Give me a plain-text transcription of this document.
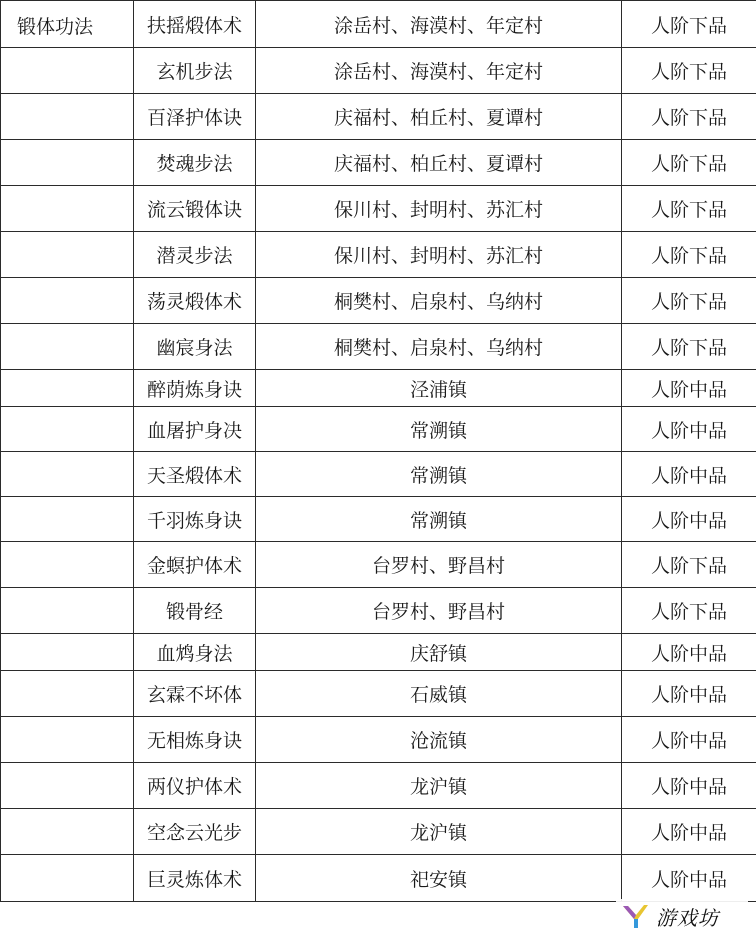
锻体功法	扶摇煅体术	涂岳村、海漠村、年定村	人阶下品
	玄机步法	涂岳村、海漠村、年定村	人阶下品
	百泽护体诀	庆福村、柏丘村、夏谭村	人阶下品
	焚魂步法	庆福村、柏丘村、夏谭村	人阶下品
	流云锻体诀	保川村、封明村、苏汇村	人阶下品
	潜灵步法	保川村、封明村、苏汇村	人阶下品
	荡灵煅体术	桐樊村、启泉村、乌纳村	人阶下品
	幽宸身法	桐樊村、启泉村、乌纳村	人阶下品
	醉荫炼身诀	泾浦镇	人阶中品
	血屠护身决	常溯镇	人阶中品
	天圣煅体术	常溯镇	人阶中品
	千羽炼身诀	常溯镇	人阶中品
	金螟护体术	台罗村、野昌村	人阶下品
	锻骨经	台罗村、野昌村	人阶下品
	血鸩身法	庆舒镇	人阶中品
	玄霖不坏体	石威镇	人阶中品
	无相炼身诀	沧流镇	人阶中品
	两仪护体术	龙沪镇	人阶中品
	空念云光步	龙沪镇	人阶中品
	巨灵炼体术	祀安镇	人阶中品
游戏坊
